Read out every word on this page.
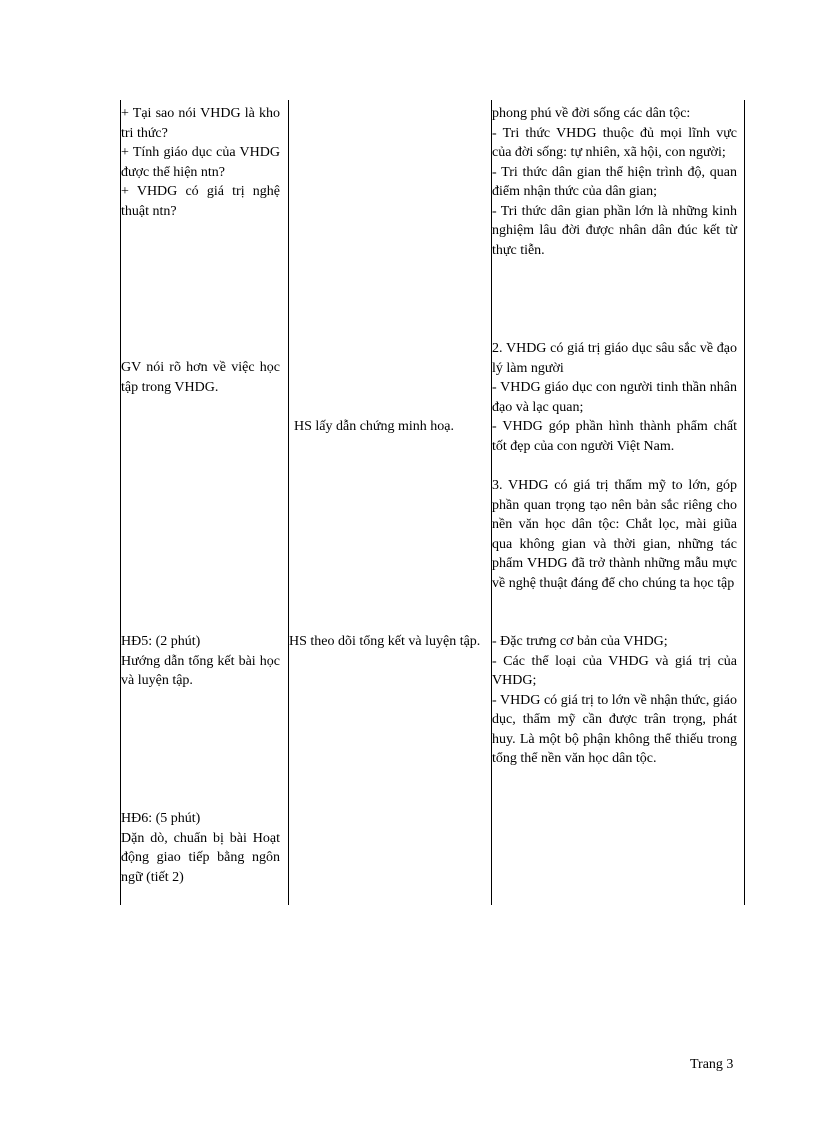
+ Tại sao nói VHDG là kho tri thức?

+ Tính giáo dục của VHDG được thể hiện ntn?

+ VHDG có giá trị nghệ thuật ntn?

GV nói rõ hơn về việc học tập trong VHDG.

HĐ5: (2 phút)

Hướng dẫn tổng kết bài học và luyện tập.

HĐ6: (5 phút)

Dặn dò, chuẩn bị bài Hoạt động giao tiếp bằng ngôn ngữ (tiết 2)

HS lấy dẫn chứng minh hoạ.

HS theo dõi tổng kết và luyện tập.

phong phú về đời sống các dân tộc:

- Tri thức VHDG thuộc đủ mọi lĩnh vực của đời sống: tự nhiên, xã hội, con người;

- Tri thức dân gian thể hiện trình độ, quan điểm nhận thức của dân gian;

- Tri thức dân gian phần lớn là những kinh nghiệm lâu đời được nhân dân đúc kết từ thực tiễn.

2. VHDG có giá trị giáo dục sâu sắc về đạo lý làm người

- VHDG giáo dục con người tinh thần nhân đạo và lạc quan;

- VHDG góp phần hình thành phẩm chất tốt đẹp của con người Việt Nam.

3. VHDG có giá trị thẩm mỹ to lớn, góp phần quan trọng tạo nên bản sắc riêng cho nền văn học dân tộc: Chắt lọc, mài giũa qua không gian và thời gian, những tác phẩm VHDG đã trở thành những mẫu mực về nghệ thuật đáng để cho chúng ta học tập

- Đặc trưng cơ bản của VHDG;

- Các thể loại của VHDG và giá trị của VHDG;

- VHDG có giá trị to lớn về nhận thức, giáo dục, thẩm mỹ cần được trân trọng, phát huy. Là một bộ phận không thể thiếu trong tổng thể nền văn học dân tộc.

Trang 3
